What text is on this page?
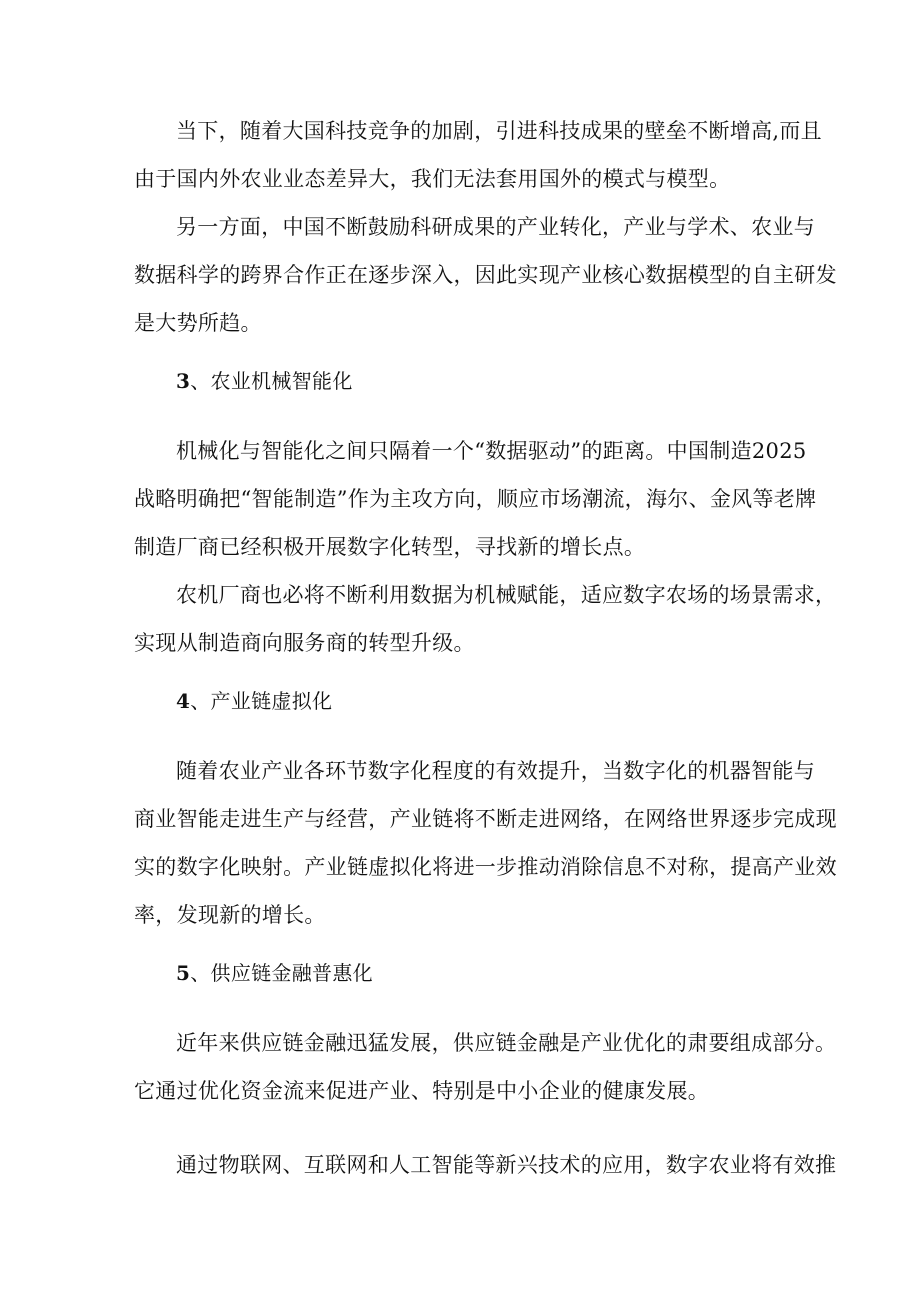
当下，随着大国科技竞争的加剧，引进科技成果的壁垒不断增高,而且
由于国内外农业业态差异大，我们无法套用国外的模式与模型。
另一方面，中国不断鼓励科研成果的产业转化，产业与学术、农业与
数据科学的跨界合作正在逐步深入，因此实现产业核心数据模型的自主研发
是大势所趋。
3、农业机械智能化
机械化与智能化之间只隔着一个“数据驱动”的距离。中国制造2025
战略明确把“智能制造”作为主攻方向，顺应市场潮流，海尔、金风等老牌
制造厂商已经积极开展数字化转型，寻找新的增长点。
农机厂商也必将不断利用数据为机械赋能，适应数字农场的场景需求，
实现从制造商向服务商的转型升级。
4、产业链虚拟化
随着农业产业各环节数字化程度的有效提升，当数字化的机器智能与
商业智能走进生产与经营，产业链将不断走进网络，在网络世界逐步完成现
实的数字化映射。产业链虚拟化将进一步推动消除信息不对称，提高产业效
率，发现新的增长。
5、供应链金融普惠化
近年来供应链金融迅猛发展，供应链金融是产业优化的肃要组成部分。
它通过优化资金流来促进产业、特别是中小企业的健康发展。
通过物联网、互联网和人工智能等新兴技术的应用，数字农业将有效推
